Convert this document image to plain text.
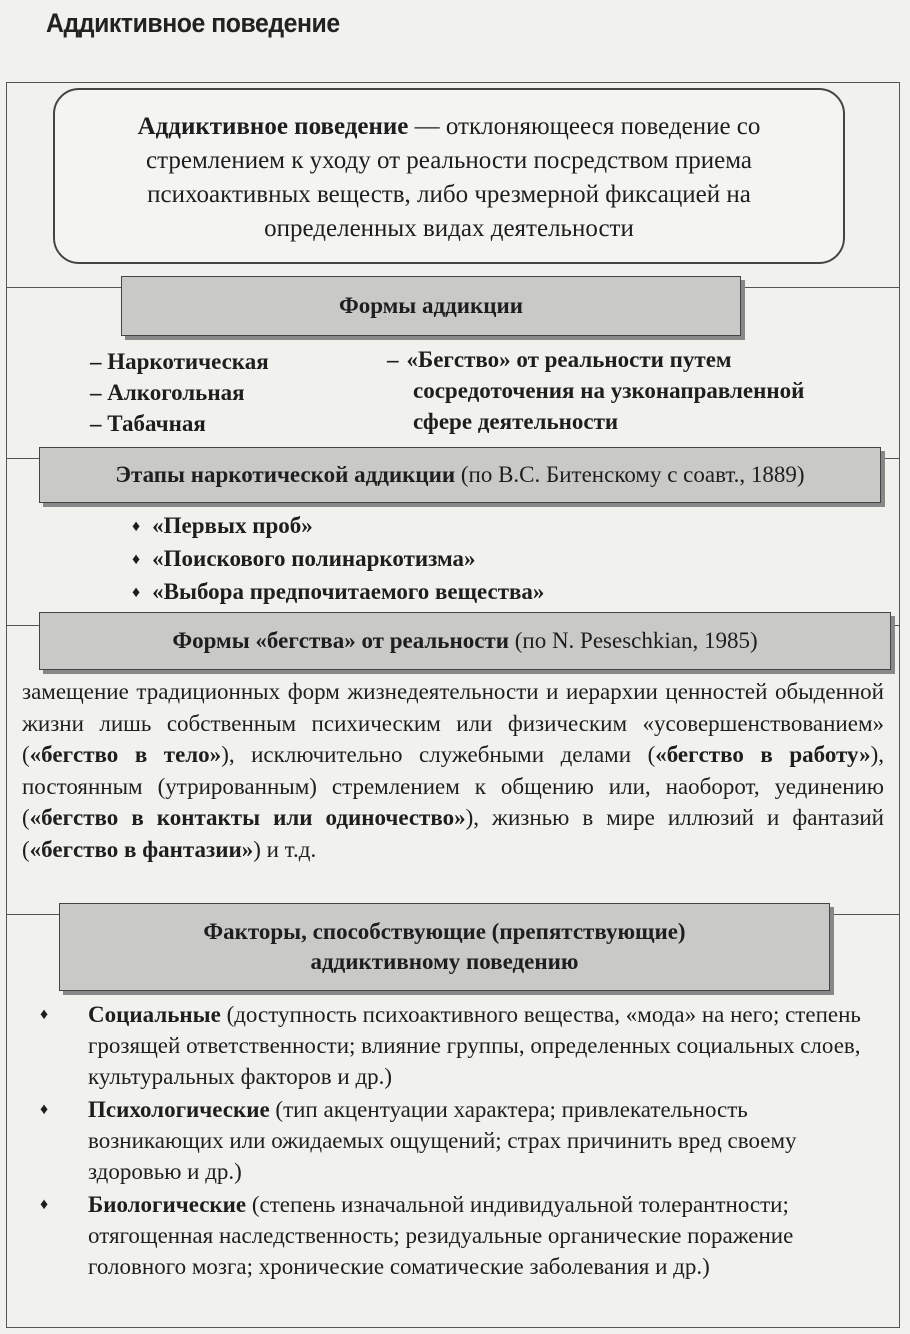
Аддиктивное поведение
Аддиктивное поведение — отклоняющееся поведение со стремлением к уходу от реальности посредством приема психоактивных веществ, либо чрезмерной фиксацией на определенных видах деятельности
Формы аддикции
– Наркотическая
– Алкогольная
– Табачная
– «Бегство» от реальности путем
сосредоточения на узконаправленной
сфере деятельности
Этапы наркотической аддикции (по В.С. Битенскому с соавт., 1889)
♦ «Первых проб»
♦ «Поискового полинаркотизма»
♦ «Выбора предпочитаемого вещества»
Формы «бегства» от реальности (по N. Peseschkian, 1985)
замещение традиционных форм жизнедеятельности и иерархии ценностей обыденной жизни лишь собственным психическим или физическим «усовершенствованием» («бегство в тело»), исключительно служебными делами («бегство в работу»), постоянным (утрированным) стремлением к общению или, наоборот, уединению («бегство в контакты или одиночество»), жизнью в мире иллюзий и фантазий («бегство в фантазии») и т.д.
Факторы, способствующие (препятствующие)
аддиктивному поведению
♦ Социальные (доступность психоактивного вещества, «мода» на него; степень грозящей ответственности; влияние группы, определенных социальных слоев, культуральных факторов и др.)
♦ Психологические (тип акцентуации характера; привлекательность возникающих или ожидаемых ощущений; страх причинить вред своему здоровью и др.)
♦ Биологические (степень изначальной индивидуальной толерантности; отягощенная наследственность; резидуальные органические поражение головного мозга; хронические соматические заболевания и др.)
